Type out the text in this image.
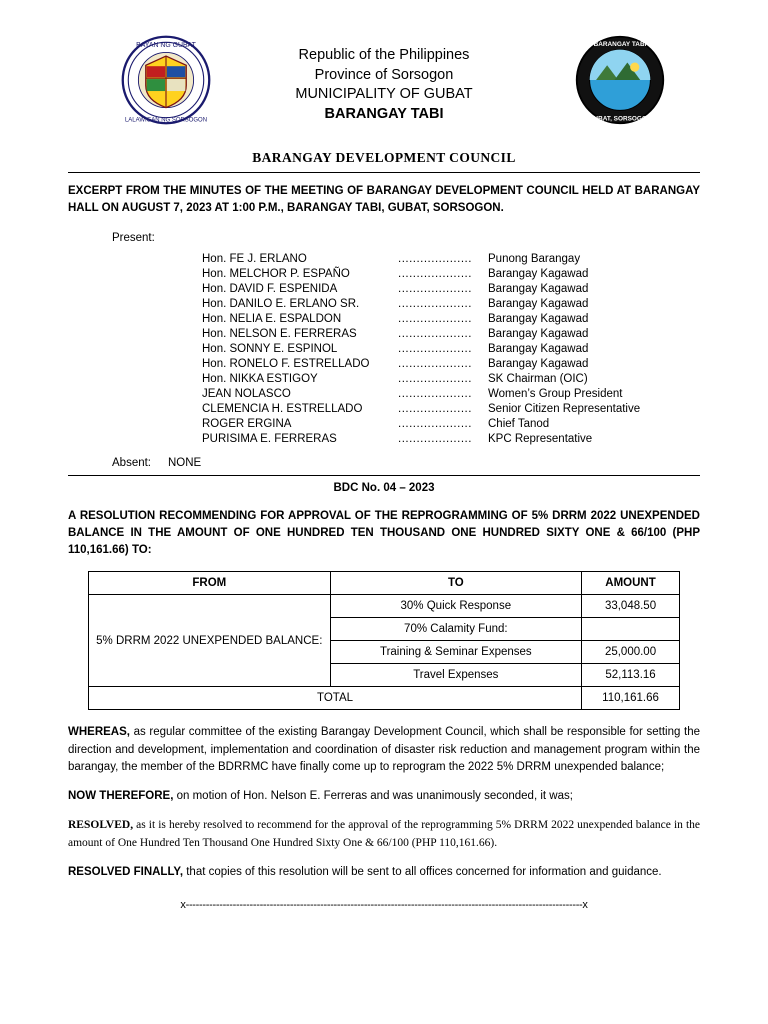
BAYAN NG GUBAT
LALAWIGAN NG SORSOGON
BARANGAY TABI
GUBAT, SORSOGON
Republic of the Philippines
Province of Sorsogon
MUNICIPALITY OF GUBAT
BARANGAY TABI
BARANGAY DEVELOPMENT COUNCIL
EXCERPT FROM THE MINUTES OF THE MEETING OF BARANGAY DEVELOPMENT COUNCIL HELD AT BARANGAY HALL ON AUGUST 7, 2023 AT 1:00 P.M., BARANGAY TABI, GUBAT, SORSOGON.
Present:
Hon. FE J. ERLANO	....................	Punong Barangay
Hon. MELCHOR P. ESPAÑO	....................	Barangay Kagawad
Hon. DAVID F. ESPENIDA	....................	Barangay Kagawad
Hon. DANILO E. ERLANO SR.	....................	Barangay Kagawad
Hon. NELIA E. ESPALDON	....................	Barangay Kagawad
Hon. NELSON E. FERRERAS	....................	Barangay Kagawad
Hon. SONNY E. ESPINOL	....................	Barangay Kagawad
Hon. RONELO F. ESTRELLADO	....................	Barangay Kagawad
Hon. NIKKA ESTIGOY	....................	SK Chairman (OIC)
JEAN NOLASCO	....................	Women’s Group President
CLEMENCIA H. ESTRELLADO	....................	Senior Citizen Representative
ROGER ERGINA	....................	Chief Tanod
PURISIMA E. FERRERAS	....................	KPC Representative
Absent: NONE
BDC No. 04 – 2023
A RESOLUTION RECOMMENDING FOR APPROVAL OF THE REPROGRAMMING OF 5% DRRM 2022 UNEXPENDED BALANCE IN THE AMOUNT OF ONE HUNDRED TEN THOUSAND ONE HUNDRED SIXTY ONE & 66/100 (PHP 110,161.66) TO:
FROM	TO	AMOUNT
5% DRRM 2022 UNEXPENDED BALANCE:	30% Quick Response	33,048.50
	70% Calamity Fund:	
	Training & Seminar Expenses	25,000.00
	Travel Expenses	52,113.16
TOTAL		110,161.66

WHEREAS, as regular committee of the existing Barangay Development Council, which shall be responsible for setting the direction and development, implementation and coordination of disaster risk reduction and management program within the barangay, the member of the BDRRMC have finally come up to reprogram the 2022 5% DRRM unexpended balance;

NOW THEREFORE, on motion of Hon. Nelson E. Ferreras and was unanimously seconded, it was;

RESOLVED, as it is hereby resolved to recommend for the approval of the reprogramming 5% DRRM 2022 unexpended balance in the amount of One Hundred Ten Thousand One Hundred Sixty One & 66/100 (PHP 110,161.66).

RESOLVED FINALLY, that copies of this resolution will be sent to all offices concerned for information and guidance.

x----------------------------------------------------------------------------------------------------------------------x
